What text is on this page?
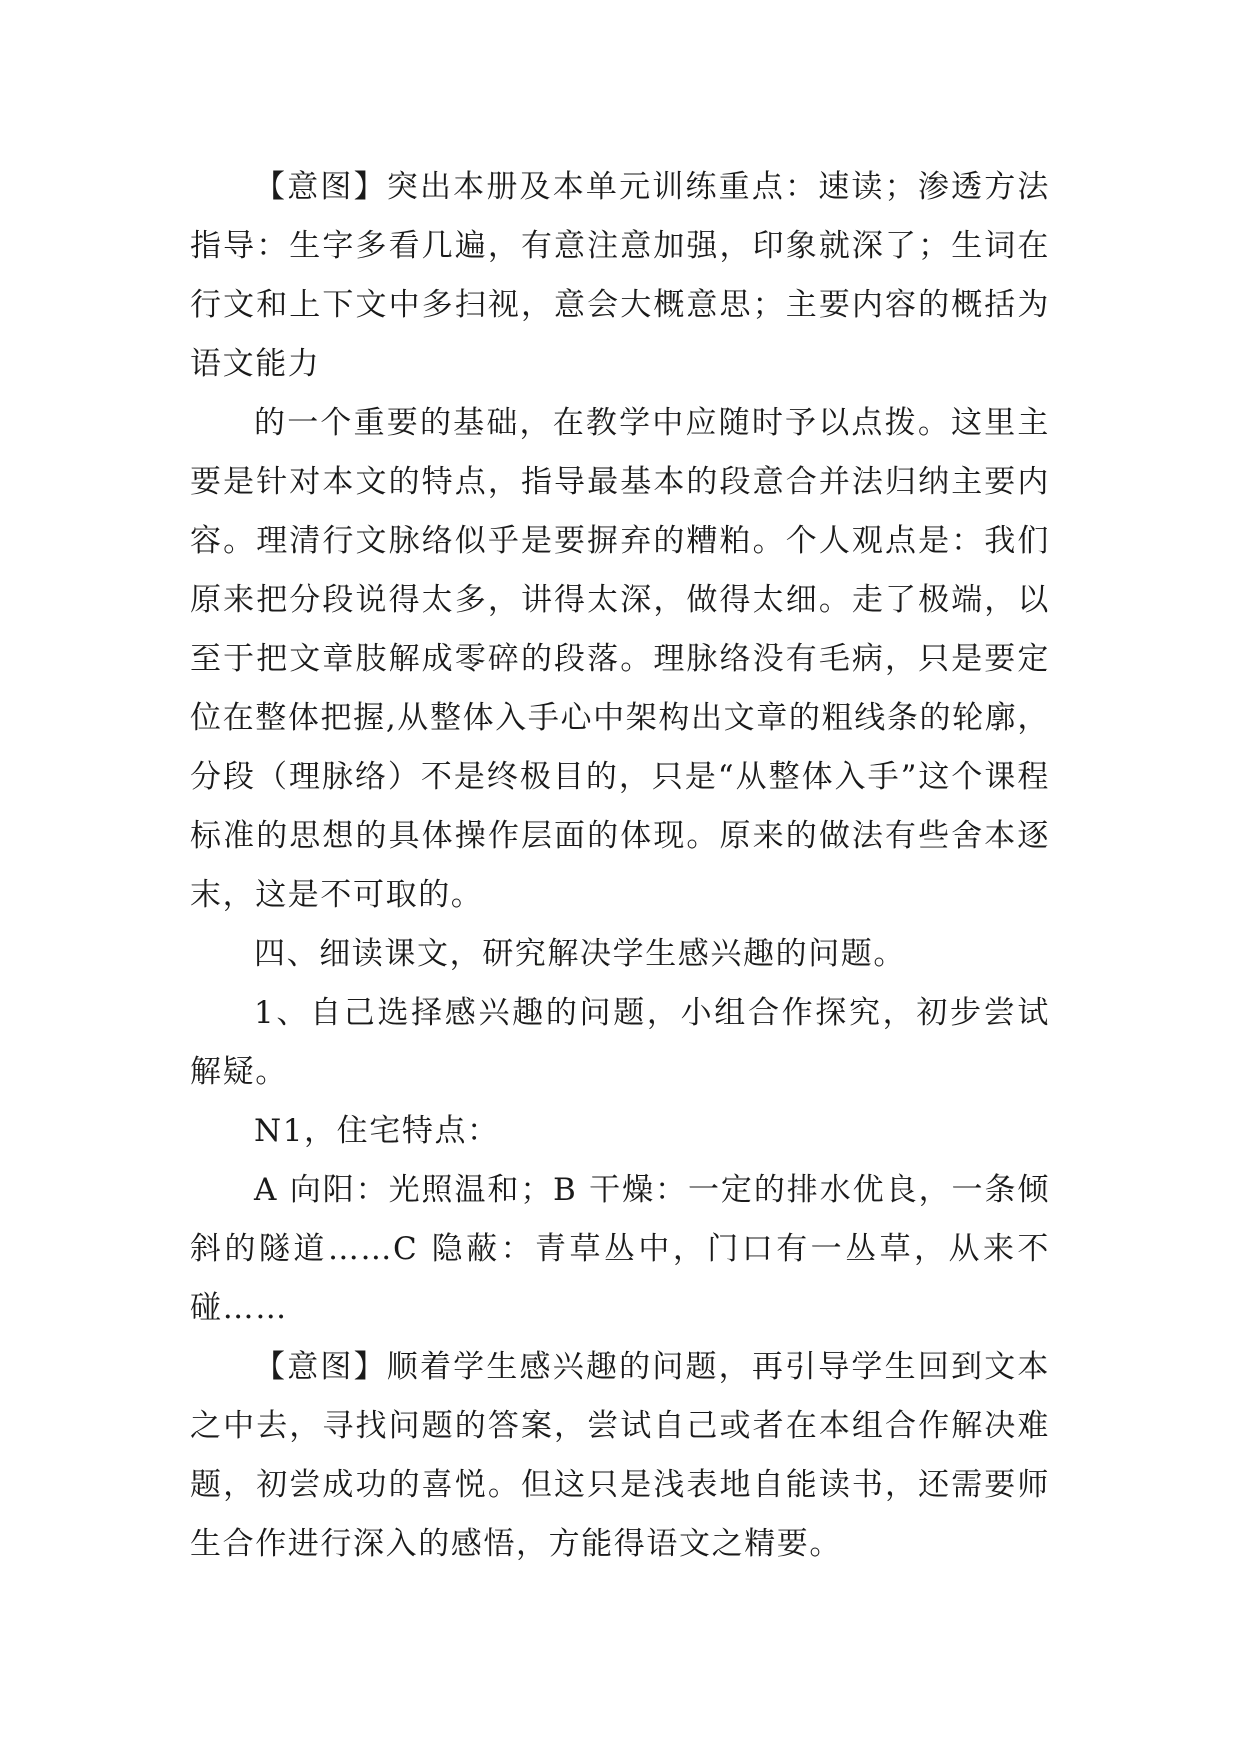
【意图】突出本册及本单元训练重点：速读；渗透方法指导：生字多看几遍，有意注意加强，印象就深了；生词在行文和上下文中多扫视，意会大概意思；主要内容的概括为语文能力

的一个重要的基础，在教学中应随时予以点拨。这里主要是针对本文的特点，指导最基本的段意合并法归纳主要内容。理清行文脉络似乎是要摒弃的糟粕。个人观点是：我们原来把分段说得太多，讲得太深，做得太细。走了极端，以至于把文章肢解成零碎的段落。理脉络没有毛病，只是要定位在整体把握,从整体入手心中架构出文章的粗线条的轮廓，分段（理脉络）不是终极目的，只是“从整体入手”这个课程标准的思想的具体操作层面的体现。原来的做法有些舍本逐末，这是不可取的。

四、细读课文，研究解决学生感兴趣的问题。

1、自己选择感兴趣的问题，小组合作探究，初步尝试解疑。

N1，住宅特点：

A 向阳：光照温和；B 干燥：一定的排水优良，一条倾斜的隧道……C 隐蔽：青草丛中，门口有一丛草，从来不碰……

【意图】顺着学生感兴趣的问题，再引导学生回到文本之中去，寻找问题的答案，尝试自己或者在本组合作解决难题，初尝成功的喜悦。但这只是浅表地自能读书，还需要师生合作进行深入的感悟，方能得语文之精要。
